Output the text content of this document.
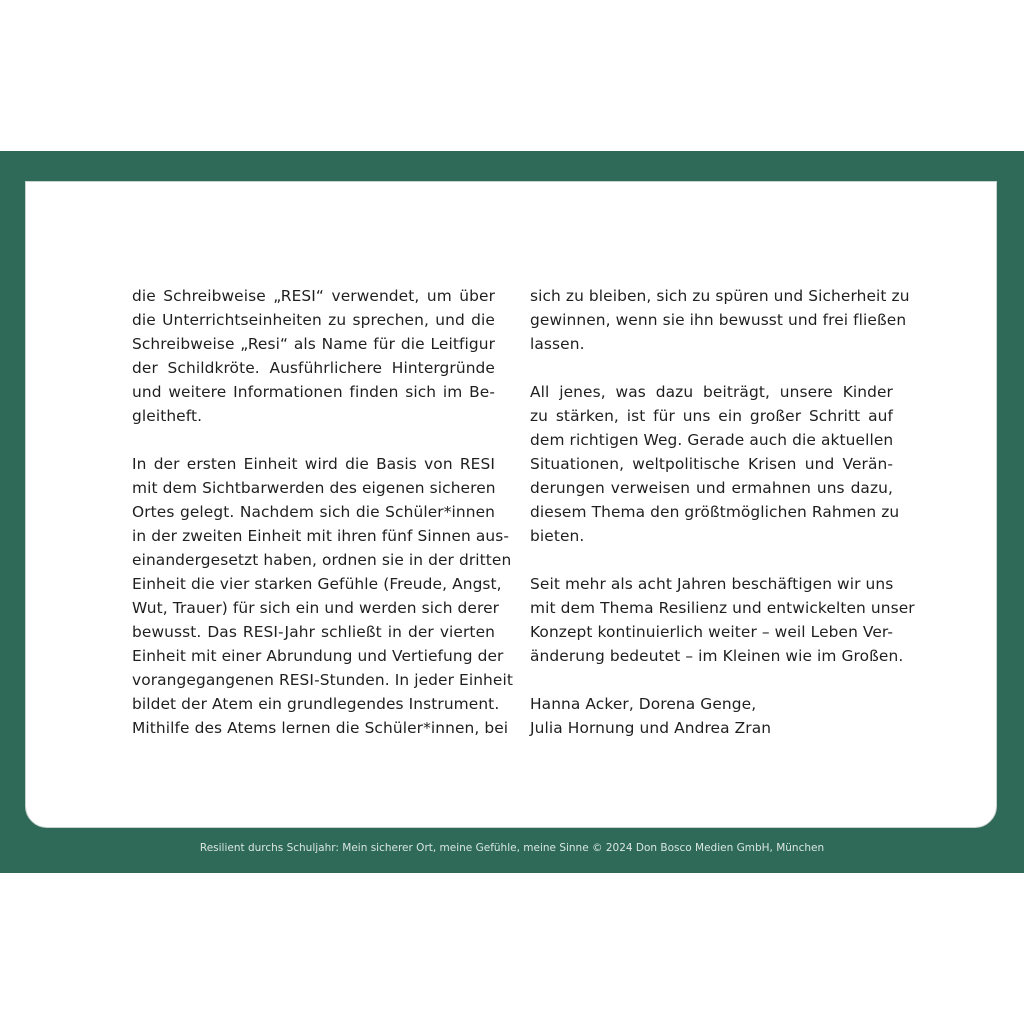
die Schreibweise „RESI“ verwendet, um über
die Unterrichtseinheiten zu sprechen, und die
Schreibweise „Resi“ als Name für die Leitfigur
der Schildkröte. Ausführlichere Hintergründe
und weitere Informationen finden sich im Be-
gleitheft.
In der ersten Einheit wird die Basis von RESI
mit dem Sichtbarwerden des eigenen sicheren
Ortes gelegt. Nachdem sich die Schüler*innen
in der zweiten Einheit mit ihren fünf Sinnen aus-
einandergesetzt haben, ordnen sie in der dritten
Einheit die vier starken Gefühle (Freude, Angst,
Wut, Trauer) für sich ein und werden sich derer
bewusst. Das RESI-Jahr schließt in der vierten
Einheit mit einer Abrundung und Vertiefung der
vorangegangenen RESI-Stunden. In jeder Einheit
bildet der Atem ein grundlegendes Instrument.
Mithilfe des Atems lernen die Schüler*innen, bei
sich zu bleiben, sich zu spüren und Sicherheit zu
gewinnen, wenn sie ihn bewusst und frei fließen
lassen.
All jenes, was dazu beiträgt, unsere Kinder
zu stärken, ist für uns ein großer Schritt auf
dem richtigen Weg. Gerade auch die aktuellen
Situationen, weltpolitische Krisen und Verän-
derungen verweisen und ermahnen uns dazu,
diesem Thema den größtmöglichen Rahmen zu
bieten.
Seit mehr als acht Jahren beschäftigen wir uns
mit dem Thema Resilienz und entwickelten unser
Konzept kontinuierlich weiter – weil Leben Ver-
änderung bedeutet – im Kleinen wie im Großen.
Hanna Acker, Dorena Genge,
Julia Hornung und Andrea Zran
Resilient durchs Schuljahr: Mein sicherer Ort, meine Gefühle, meine Sinne © 2024 Don Bosco Medien GmbH, München
